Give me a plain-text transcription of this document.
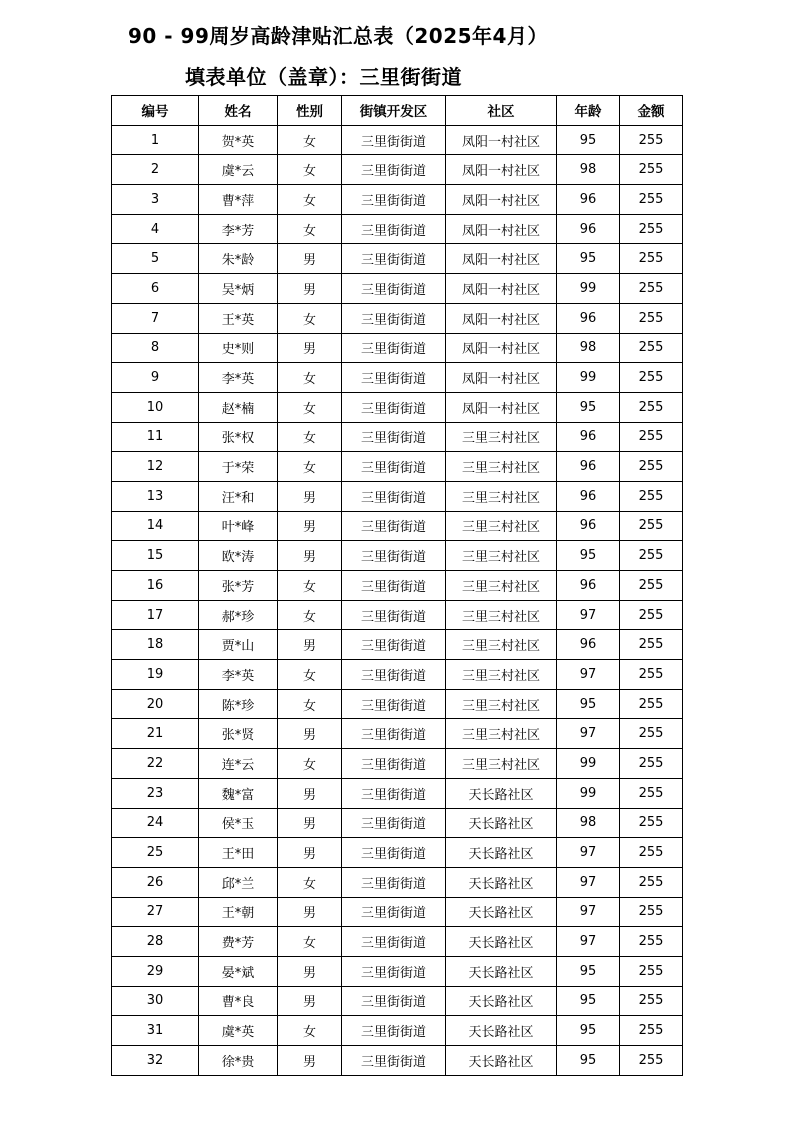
90 - 99周岁高龄津贴汇总表（2025年4月）
填表单位（盖章）：三里街街道
编号	姓名	性别	街镇开发区	社区	年龄	金额
1	贺*英	女	三里街街道	凤阳一村社区	95	255
2	虞*云	女	三里街街道	凤阳一村社区	98	255
3	曹*萍	女	三里街街道	凤阳一村社区	96	255
4	李*芳	女	三里街街道	凤阳一村社区	96	255
5	朱*龄	男	三里街街道	凤阳一村社区	95	255
6	吴*炳	男	三里街街道	凤阳一村社区	99	255
7	王*英	女	三里街街道	凤阳一村社区	96	255
8	史*则	男	三里街街道	凤阳一村社区	98	255
9	李*英	女	三里街街道	凤阳一村社区	99	255
10	赵*楠	女	三里街街道	凤阳一村社区	95	255
11	张*权	女	三里街街道	三里三村社区	96	255
12	于*荣	女	三里街街道	三里三村社区	96	255
13	汪*和	男	三里街街道	三里三村社区	96	255
14	叶*峰	男	三里街街道	三里三村社区	96	255
15	欧*涛	男	三里街街道	三里三村社区	95	255
16	张*芳	女	三里街街道	三里三村社区	96	255
17	郝*珍	女	三里街街道	三里三村社区	97	255
18	贾*山	男	三里街街道	三里三村社区	96	255
19	李*英	女	三里街街道	三里三村社区	97	255
20	陈*珍	女	三里街街道	三里三村社区	95	255
21	张*贤	男	三里街街道	三里三村社区	97	255
22	连*云	女	三里街街道	三里三村社区	99	255
23	魏*富	男	三里街街道	天长路社区	99	255
24	侯*玉	男	三里街街道	天长路社区	98	255
25	王*田	男	三里街街道	天长路社区	97	255
26	邱*兰	女	三里街街道	天长路社区	97	255
27	王*朝	男	三里街街道	天长路社区	97	255
28	费*芳	女	三里街街道	天长路社区	97	255
29	晏*斌	男	三里街街道	天长路社区	95	255
30	曹*良	男	三里街街道	天长路社区	95	255
31	虞*英	女	三里街街道	天长路社区	95	255
32	徐*贵	男	三里街街道	天长路社区	95	255
